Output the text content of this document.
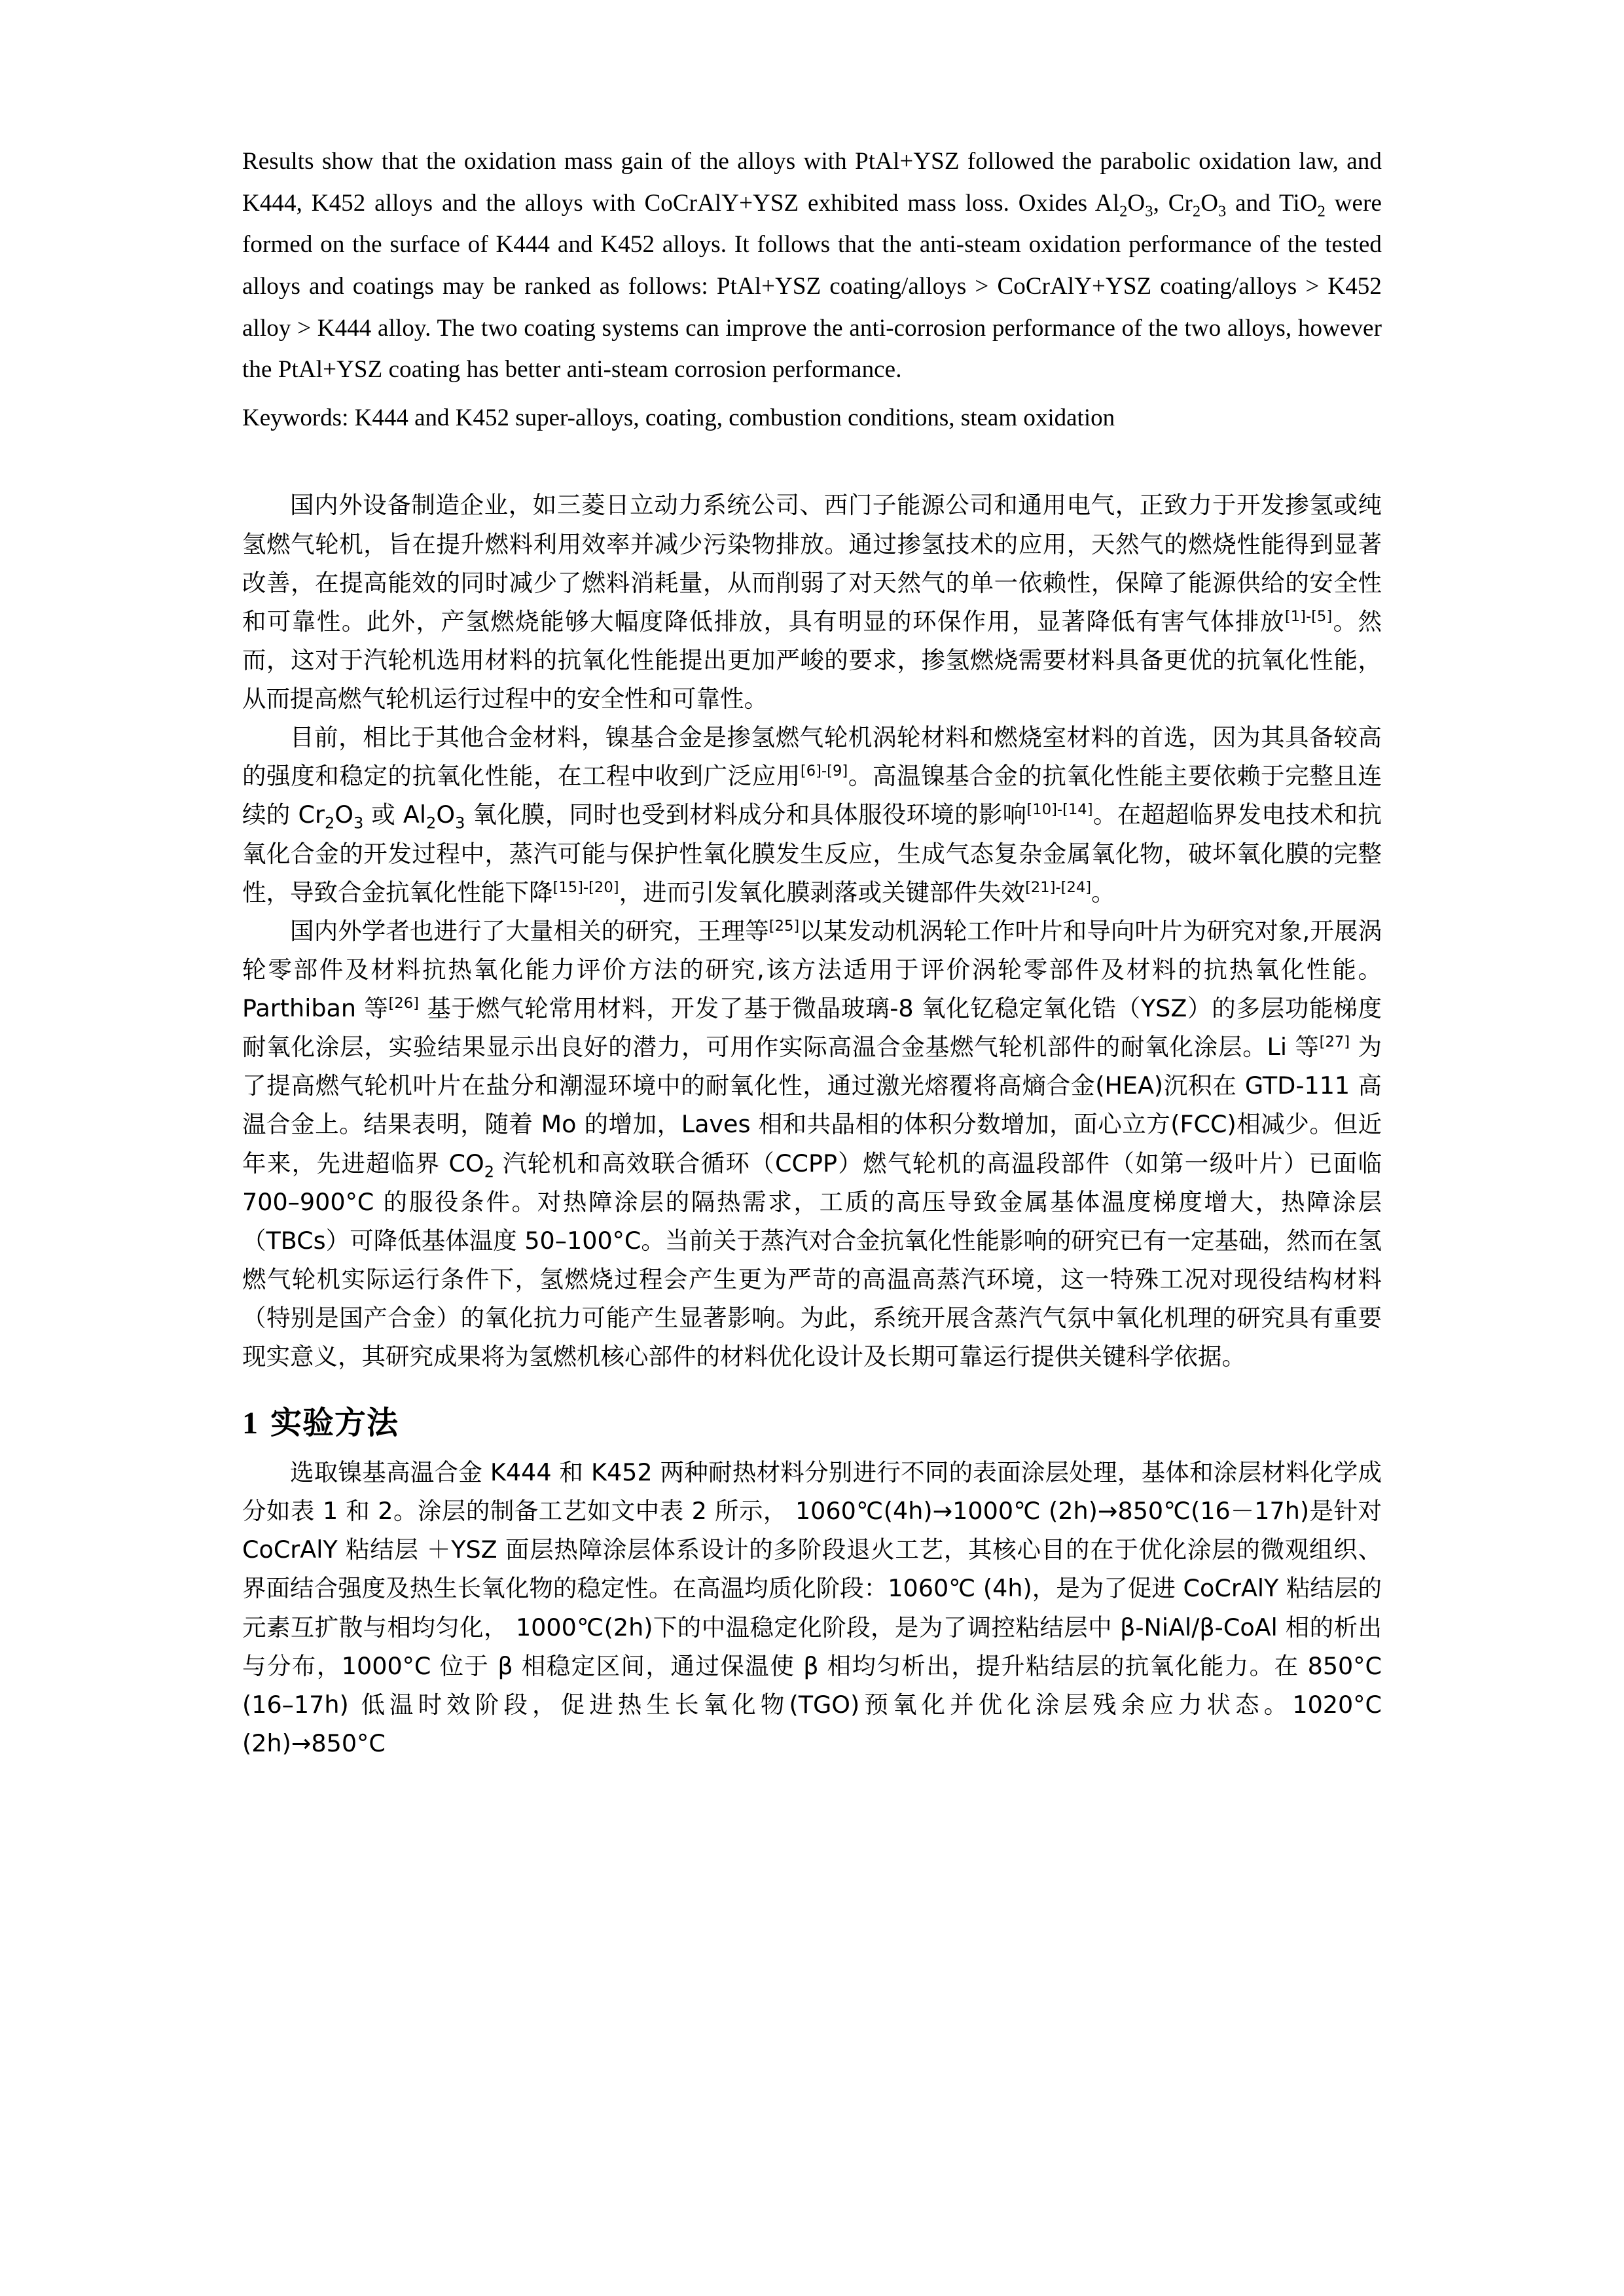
Results show that the oxidation mass gain of the alloys with PtAl+YSZ followed the parabolic oxidation law, and K444, K452 alloys and the alloys with CoCrAlY+YSZ exhibited mass loss. Oxides $Al_2O_3$, $Cr_2O_3$ and TiO$_2$ were formed on the surface of K444 and K452 alloys. It follows that the anti-steam oxidation performance of the tested alloys and coatings may be ranked as follows: PtAl+YSZ coating/alloys > CoCrAlY+YSZ coating/alloys > K452 alloy > K444 alloy. The two coating systems can improve the anti-corrosion performance of the two alloys, however the PtAl+YSZ coating has better anti-steam corrosion performance.

Keywords: K444 and K452 super-alloys, coating, combustion conditions, steam oxidation

国内外设备制造企业，如三菱日立动力系统公司、西门子能源公司和通用电气，正致力于开发掺氢或纯氢燃气轮机，旨在提升燃料利用效率并减少污染物排放。通过掺氢技术的应用，天然气的燃烧性能得到显著改善，在提高能效的同时减少了燃料消耗量，从而削弱了对天然气的单一依赖性，保障了能源供给的安全性和可靠性。此外，产氢燃烧能够大幅度降低排放，具有明显的环保作用，显著降低有害气体排放[1]-[5]。然而，这对于汽轮机选用材料的抗氧化性能提出更加严峻的要求，掺氢燃烧需要材料具备更优的抗氧化性能，从而提高燃气轮机运行过程中的安全性和可靠性。

目前，相比于其他合金材料，镍基合金是掺氢燃气轮机涡轮材料和燃烧室材料的首选，因为其具备较高的强度和稳定的抗氧化性能，在工程中收到广泛应用[6]-[9]。高温镍基合金的抗氧化性能主要依赖于完整且连续的 $Cr_2O_3$ 或 $Al_2O_3$ 氧化膜，同时也受到材料成分和具体服役环境的影响[10]-[14]。在超超临界发电技术和抗氧化合金的开发过程中，蒸汽可能与保护性氧化膜发生反应，生成气态复杂金属氧化物，破坏氧化膜的完整性，导致合金抗氧化性能下降[15]-[20]，进而引发氧化膜剥落或关键部件失效[21]-[24]。

国内外学者也进行了大量相关的研究，王理等[25]以某发动机涡轮工作叶片和导向叶片为研究对象,开展涡轮零部件及材料抗热氧化能力评价方法的研究,该方法适用于评价涡轮零部件及材料的抗热氧化性能。Parthiban 等[26] 基于燃气轮常用材料，开发了基于微晶玻璃-8 氧化钇稳定氧化锆（YSZ）的多层功能梯度耐氧化涂层，实验结果显示出良好的潜力，可用作实际高温合金基燃气轮机部件的耐氧化涂层。Li 等[27] 为了提高燃气轮机叶片在盐分和潮湿环境中的耐氧化性，通过激光熔覆将高熵合金(HEA)沉积在 GTD-111 高温合金上。结果表明，随着 Mo 的增加，Laves 相和共晶相的体积分数增加，面心立方(FCC)相减少。但近年来，先进超临界 $CO_2$ 汽轮机和高效联合循环（CCPP）燃气轮机的高温段部件（如第一级叶片）已面临 700–900°C 的服役条件。对热障涂层的隔热需求，工质的高压导致金属基体温度梯度增大，热障涂层（TBCs）可降低基体温度 50–100°C。当前关于蒸汽对合金抗氧化性能影响的研究已有一定基础，然而在氢燃气轮机实际运行条件下，氢燃烧过程会产生更为严苛的高温高蒸汽环境，这一特殊工况对现役结构材料（特别是国产合金）的氧化抗力可能产生显著影响。为此，系统开展含蒸汽气氛中氧化机理的研究具有重要现实意义，其研究成果将为氢燃机核心部件的材料优化设计及长期可靠运行提供关键科学依据。

1 实验方法

选取镍基高温合金 K444 和 K452 两种耐热材料分别进行不同的表面涂层处理，基体和涂层材料化学成分如表 1 和 2。涂层的制备工艺如文中表 2 所示， 1060℃(4h)→1000℃ (2h)→850℃(16－17h)是针对 CoCrAlY 粘结层 ＋YSZ 面层热障涂层体系设计的多阶段退火工艺，其核心目的在于优化涂层的微观组织、界面结合强度及热生长氧化物的稳定性。在高温均质化阶段：1060℃ (4h)，是为了促进 CoCrAlY 粘结层的元素互扩散与相均匀化， 1000℃(2h)下的中温稳定化阶段，是为了调控粘结层中 β-NiAl/β-CoAl 相的析出与分布，1000°C 位于 β 相稳定区间，通过保温使 β 相均匀析出，提升粘结层的抗氧化能力。在 850°C (16–17h) 低温时效阶段，促进热生长氧化物(TGO)预氧化并优化涂层残余应力状态。1020°C (2h)→850°C
